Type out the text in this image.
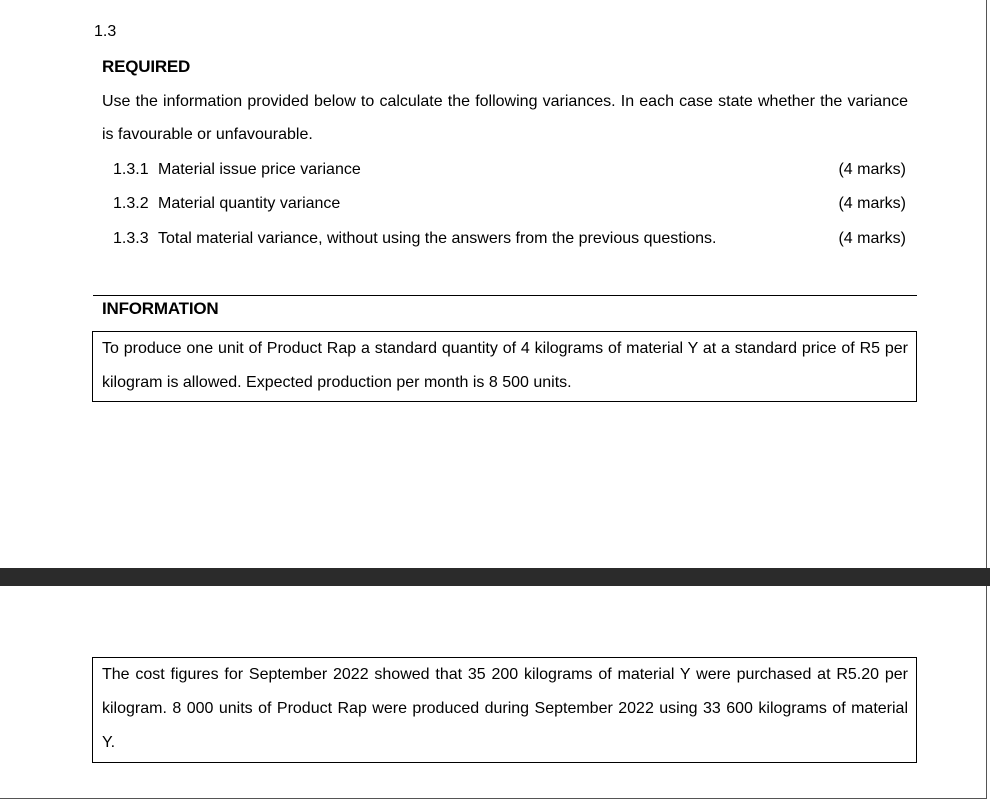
1.3
REQUIRED
Use the information provided below to calculate the following variances. In each case state whether the variance is favourable or unfavourable.
1.3.1 Material issue price variance	(4 marks)
1.3.2 Material quantity variance	(4 marks)
1.3.3 Total material variance, without using the answers from the previous questions.	(4 marks)
INFORMATION

To produce one unit of Product Rap a standard quantity of 4 kilograms of material Y at a standard price of R5 per kilogram is allowed. Expected production per month is 8 500 units.

The cost figures for September 2022 showed that 35 200 kilograms of material Y were purchased at R5.20 per kilogram. 8 000 units of Product Rap were produced during September 2022 using 33 600 kilograms of material Y.
